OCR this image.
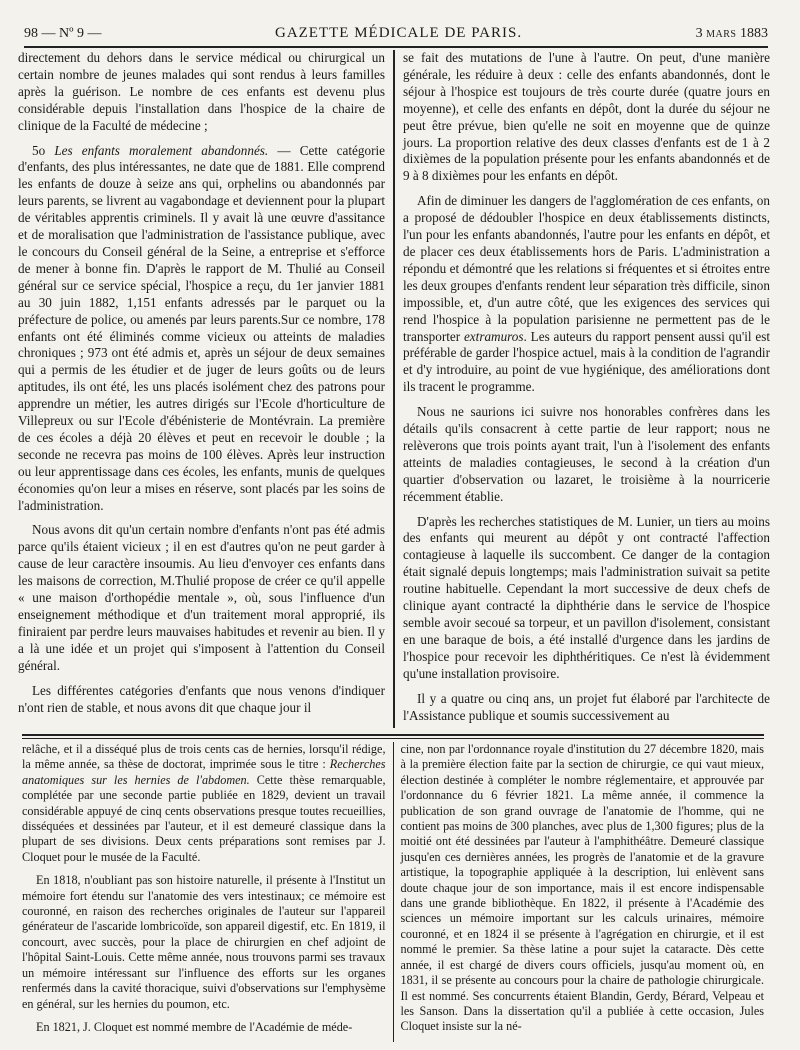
98 — Nº 9 —	GAZETTE MÉDICALE DE PARIS.	3 MARS 1883

directement du dehors dans le service médical ou chirurgical un certain nombre de jeunes malades qui sont rendus à leurs familles après la guérison. Le nombre de ces enfants est devenu plus considérable depuis l'installation dans l'hospice de la chaire de clinique de la Faculté de médecine ;

5o Les enfants moralement abandonnés. — Cette catégorie d'enfants, des plus intéressantes, ne date que de 1881. Elle comprend les enfants de douze à seize ans qui, orphelins ou abandonnés par leurs parents, se livrent au vagabondage et deviennent pour la plupart de véritables apprentis criminels. Il y avait là une œuvre d'assitance et de moralisation que l'administration de l'assistance publique, avec le concours du Conseil général de la Seine, a entreprise et s'efforce de mener à bonne fin. D'après le rapport de M. Thulié au Conseil général sur ce service spécial, l'hospice a reçu, du 1er janvier 1881 au 30 juin 1882, 1,151 enfants adressés par le parquet ou la préfecture de police, ou amenés par leurs parents.Sur ce nombre, 178 enfants ont été éliminés comme vicieux ou atteints de maladies chroniques ; 973 ont été admis et, après un séjour de deux semaines qui a permis de les étudier et de juger de leurs goûts ou de leurs aptitudes, ils ont été, les uns placés isolément chez des patrons pour apprendre un métier, les autres dirigés sur l'Ecole d'horticulture de Villepreux ou sur l'Ecole d'ébénisterie de Montévrain. La première de ces écoles a déjà 20 élèves et peut en recevoir le double ; la seconde ne recevra pas moins de 100 élèves. Après leur instruction ou leur apprentissage dans ces écoles, les enfants, munis de quelques économies qu'on leur a mises en réserve, sont placés par les soins de l'administration.

Nous avons dit qu'un certain nombre d'enfants n'ont pas été admis parce qu'ils étaient vicieux ; il en est d'autres qu'on ne peut garder à cause de leur caractère insoumis. Au lieu d'envoyer ces enfants dans les maisons de correction, M.Thulié propose de créer ce qu'il appelle « une maison d'orthopédie mentale », où, sous l'influence d'un enseignement méthodique et d'un traitement moral approprié, ils finiraient par perdre leurs mauvaises habitudes et revenir au bien. Il y a là une idée et un projet qui s'imposent à l'attention du Conseil général.

Les différentes catégories d'enfants que nous venons d'indiquer n'ont rien de stable, et nous avons dit que chaque jour il

se fait des mutations de l'une à l'autre. On peut, d'une manière générale, les réduire à deux : celle des enfants abandonnés, dont le séjour à l'hospice est toujours de très courte durée (quatre jours en moyenne), et celle des enfants en dépôt, dont la durée du séjour ne peut être prévue, bien qu'elle ne soit en moyenne que de quinze jours. La proportion relative des deux classes d'enfants est de 1 à 2 dixièmes de la population présente pour les enfants abandonnés et de 9 à 8 dixièmes pour les enfants en dépôt.

Afin de diminuer les dangers de l'agglomération de ces enfants, on a proposé de dédoubler l'hospice en deux établissements distincts, l'un pour les enfants abandonnés, l'autre pour les enfants en dépôt, et de placer ces deux établissements hors de Paris. L'administration a répondu et démontré que les relations si fréquentes et si étroites entre les deux groupes d'enfants rendent leur séparation très difficile, sinon impossible, et, d'un autre côté, que les exigences des services qui rend l'hospice à la population parisienne ne permettent pas de le transporter extramuros. Les auteurs du rapport pensent aussi qu'il est préférable de garder l'hospice actuel, mais à la condition de l'agrandir et d'y introduire, au point de vue hygiénique, des améliorations dont ils tracent le programme.

Nous ne saurions ici suivre nos honorables confrères dans les détails qu'ils consacrent à cette partie de leur rapport; nous ne relèverons que trois points ayant trait, l'un à l'isolement des enfants atteints de maladies contagieuses, le second à la création d'un quartier d'observation ou lazaret, le troisième à la nourricerie récemment établie.

D'après les recherches statistiques de M. Lunier, un tiers au moins des enfants qui meurent au dépôt y ont contracté l'affection contagieuse à laquelle ils succombent. Ce danger de la contagion était signalé depuis longtemps; mais l'administration suivait sa petite routine habituelle. Cependant la mort successive de deux chefs de clinique ayant contracté la diphthérie dans le service de l'hospice semble avoir secoué sa torpeur, et un pavillon d'isolement, consistant en une baraque de bois, a été installé d'urgence dans les jardins de l'hospice pour recevoir les diphthéritiques. Ce n'est là évidemment qu'une installation provisoire.

Il y a quatre ou cinq ans, un projet fut élaboré par l'architecte de l'Assistance publique et soumis successivement au

relâche, et il a disséqué plus de trois cents cas de hernies, lorsqu'il rédige, la même année, sa thèse de doctorat, imprimée sous le titre : Recherches anatomiques sur les hernies de l'abdomen. Cette thèse remarquable, complétée par une seconde partie publiée en 1829, devient un travail considérable appuyé de cinq cents observations presque toutes recueillies, disséquées et dessinées par l'auteur, et il est demeuré classique dans la plupart de ses divisions. Deux cents préparations sont remises par J. Cloquet pour le musée de la Faculté.

En 1818, n'oubliant pas son histoire naturelle, il présente à l'Institut un mémoire fort étendu sur l'anatomie des vers intestinaux; ce mémoire est couronné, en raison des recherches originales de l'auteur sur l'appareil générateur de l'ascaride lombricoïde, son appareil digestif, etc. En 1819, il concourt, avec succès, pour la place de chirurgien en chef adjoint de l'hôpital Saint-Louis. Cette même année, nous trouvons parmi ses travaux un mémoire intéressant sur l'influence des efforts sur les organes renfermés dans la cavité thoracique, suivi d'observations sur l'emphysème en général, sur les hernies du poumon, etc.

En 1821, J. Cloquet est nommé membre de l'Académie de méde-

cine, non par l'ordonnance royale d'institution du 27 décembre 1820, mais à la première élection faite par la section de chirurgie, ce qui vaut mieux, élection destinée à compléter le nombre réglementaire, et approuvée par l'ordonnance du 6 février 1821. La même année, il commence la publication de son grand ouvrage de l'anatomie de l'homme, qui ne contient pas moins de 300 planches, avec plus de 1,300 figures; plus de la moitié ont été dessinées par l'auteur à l'amphithéâtre. Demeuré classique jusqu'en ces dernières années, les progrès de l'anatomie et de la gravure artistique, la topographie appliquée à la description, lui enlèvent sans doute chaque jour de son importance, mais il est encore indispensable dans une grande bibliothèque. En 1822, il présente à l'Académie des sciences un mémoire important sur les calculs urinaires, mémoire couronné, et en 1824 il se présente à l'agrégation en chirurgie, et il est nommé le premier. Sa thèse latine a pour sujet la cataracte. Dès cette année, il est chargé de divers cours officiels, jusqu'au moment où, en 1831, il se présente au concours pour la chaire de pathologie chirurgicale. Il est nommé. Ses concurrents étaient Blandin, Gerdy, Bérard, Velpeau et les Sanson. Dans la dissertation qu'il a publiée à cette occasion, Jules Cloquet insiste sur la né-
